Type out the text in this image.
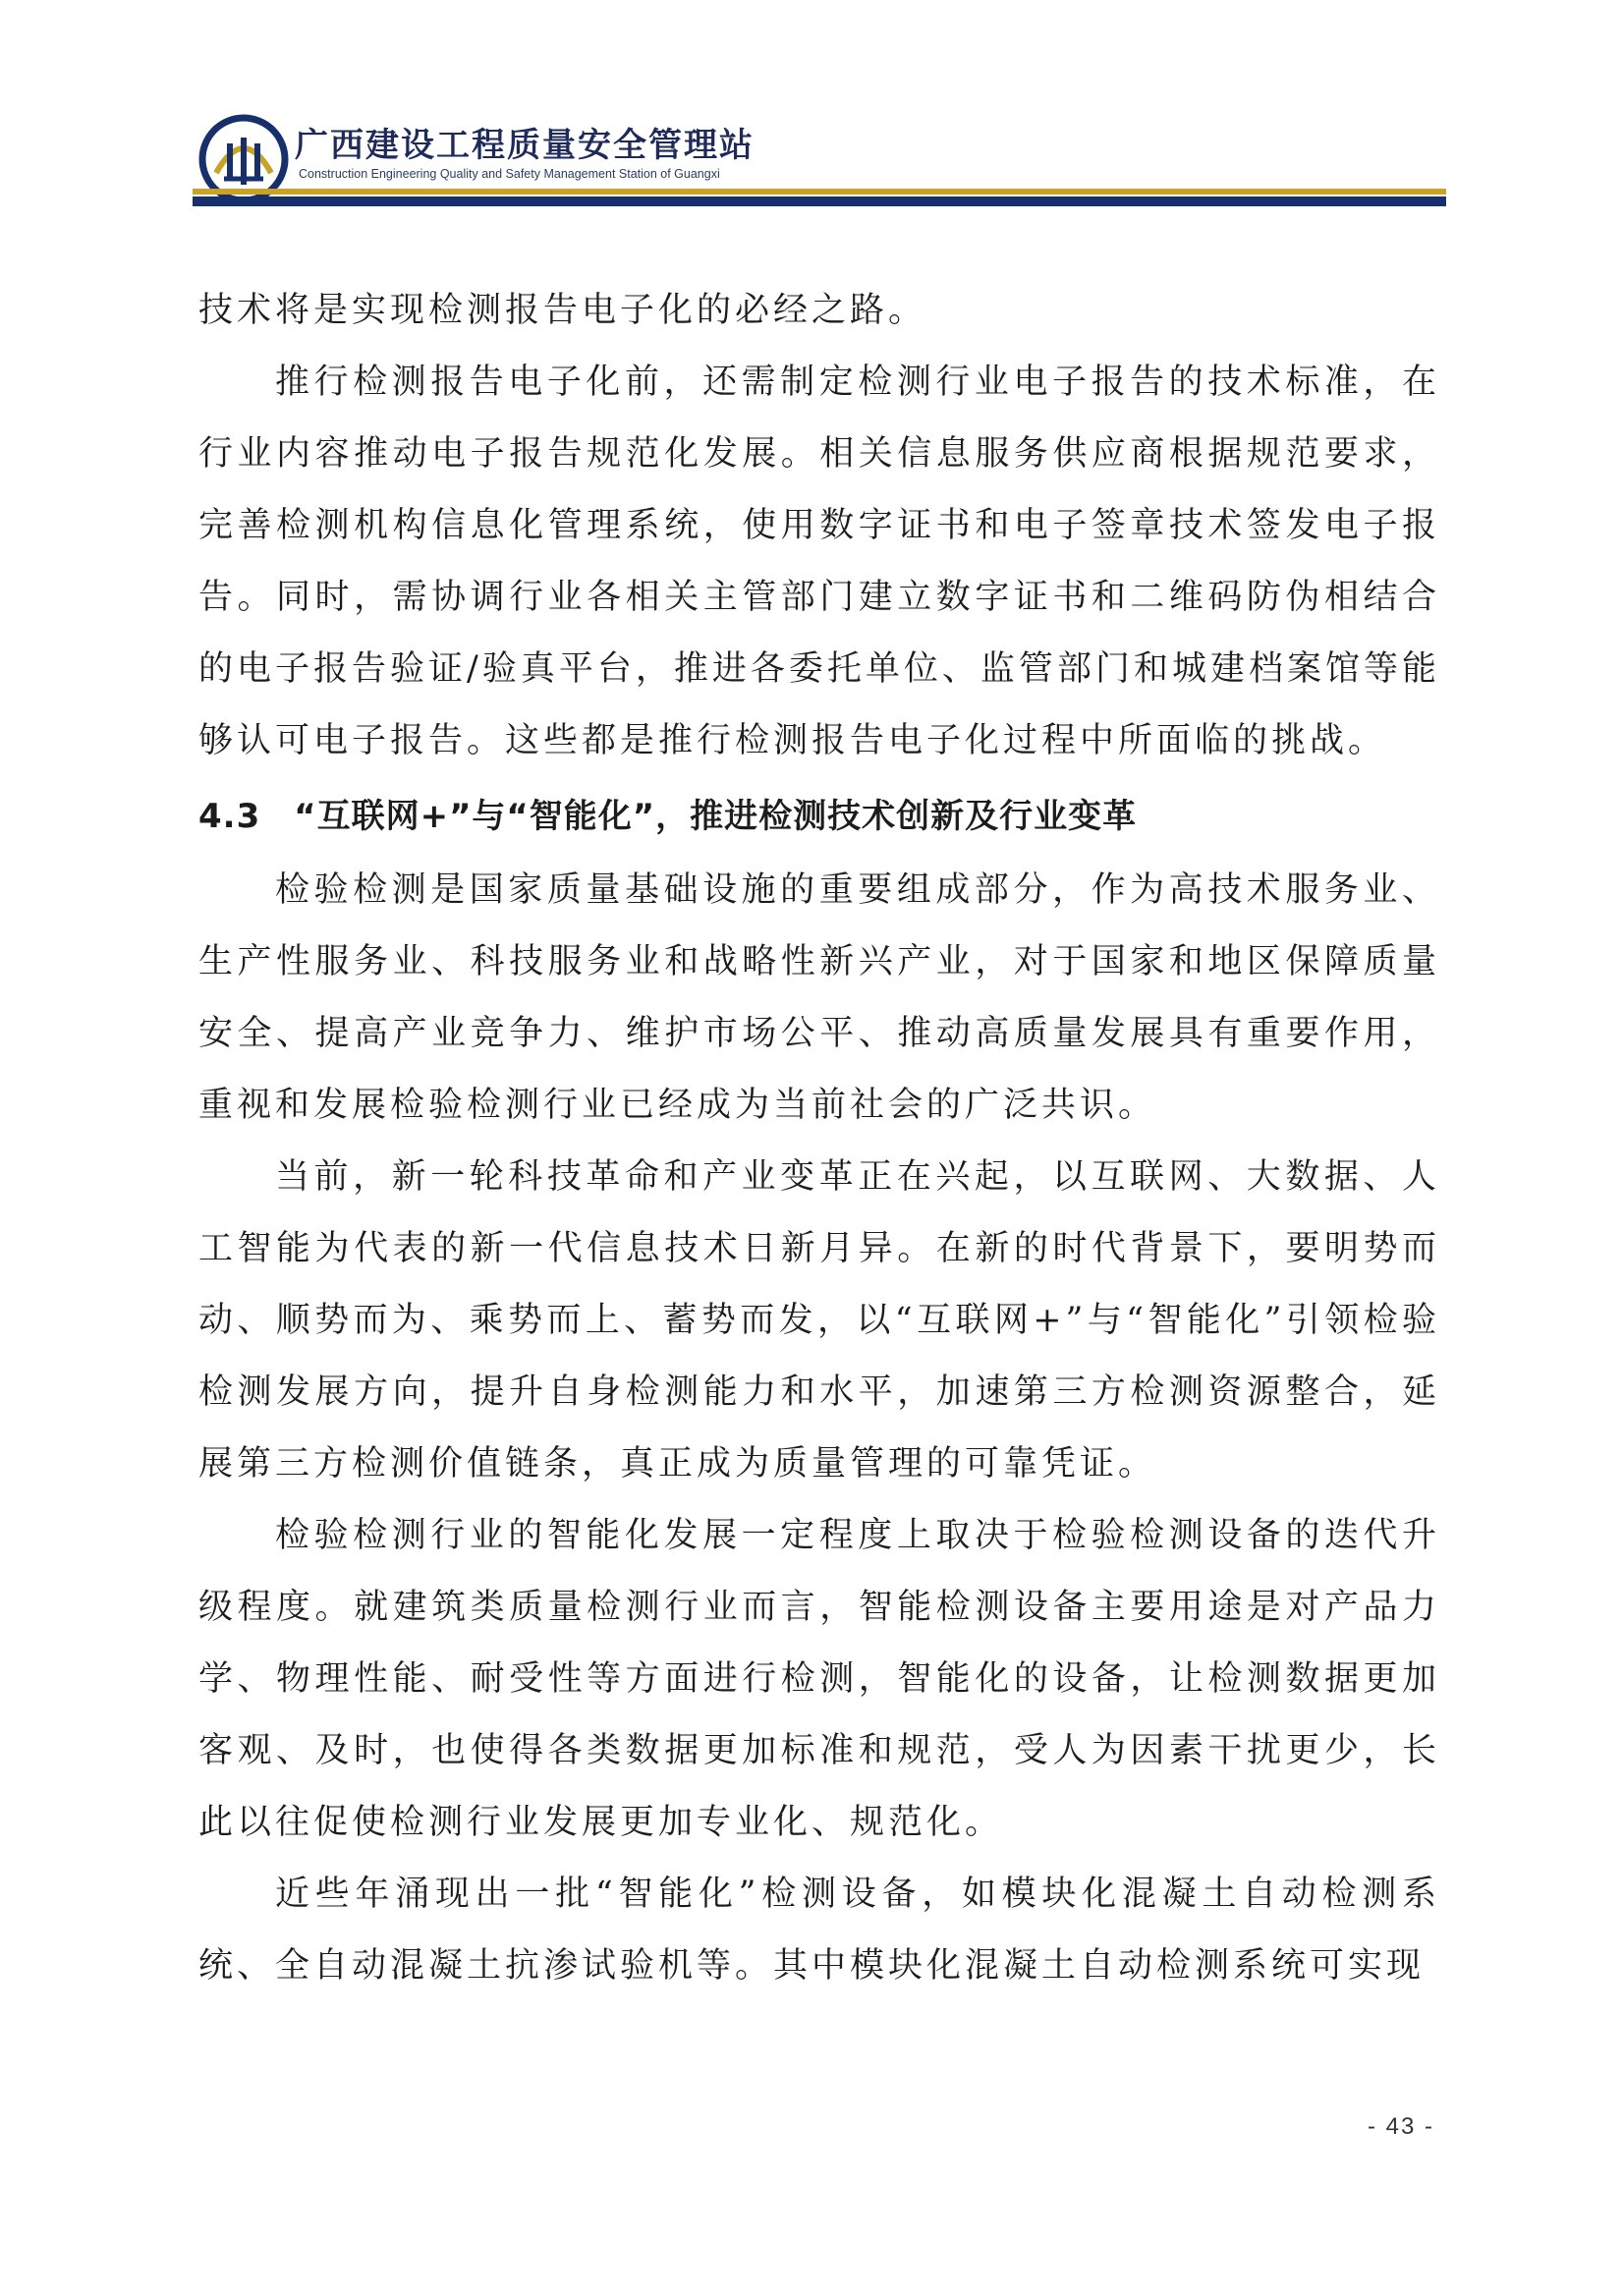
广西建设工程质量安全管理站
Construction Engineering Quality and Safety Management Station of Guangxi

技术将是实现检测报告电子化的必经之路。

推行检测报告电子化前，还需制定检测行业电子报告的技术标准，在行业内容推动电子报告规范化发展。相关信息服务供应商根据规范要求，完善检测机构信息化管理系统，使用数字证书和电子签章技术签发电子报告。同时，需协调行业各相关主管部门建立数字证书和二维码防伪相结合的电子报告验证/验真平台，推进各委托单位、监管部门和城建档案馆等能够认可电子报告。这些都是推行检测报告电子化过程中所面临的挑战。

4.3 “互联网+”与“智能化”，推进检测技术创新及行业变革

检验检测是国家质量基础设施的重要组成部分，作为高技术服务业、生产性服务业、科技服务业和战略性新兴产业，对于国家和地区保障质量安全、提高产业竞争力、维护市场公平、推动高质量发展具有重要作用，重视和发展检验检测行业已经成为当前社会的广泛共识。

当前，新一轮科技革命和产业变革正在兴起，以互联网、大数据、人工智能为代表的新一代信息技术日新月异。在新的时代背景下，要明势而动、顺势而为、乘势而上、蓄势而发，以“互联网+”与“智能化”引领检验检测发展方向，提升自身检测能力和水平，加速第三方检测资源整合，延展第三方检测价值链条，真正成为质量管理的可靠凭证。

检验检测行业的智能化发展一定程度上取决于检验检测设备的迭代升级程度。就建筑类质量检测行业而言，智能检测设备主要用途是对产品力学、物理性能、耐受性等方面进行检测，智能化的设备，让检测数据更加客观、及时，也使得各类数据更加标准和规范，受人为因素干扰更少，长此以往促使检测行业发展更加专业化、规范化。

近些年涌现出一批“智能化”检测设备，如模块化混凝土自动检测系统、全自动混凝土抗渗试验机等。其中模块化混凝土自动检测系统可实现

- 43 -
